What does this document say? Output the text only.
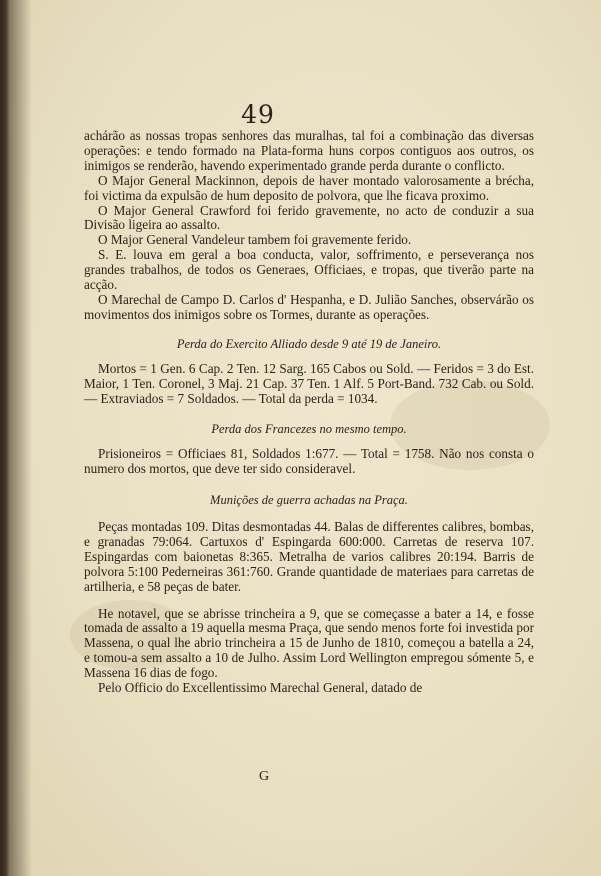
49

achárão as nossas tropas senhores das muralhas, tal foi a combinação das diversas operações: e tendo formado na Plata-forma huns corpos contiguos aos outros, os inimigos se renderão, havendo experimentado grande perda durante o conflicto.

O Major General Mackinnon, depois de haver montado valorosamente a brécha, foi victima da expulsão de hum deposito de polvora, que lhe ficava proximo.

O Major General Crawford foi ferido gravemente, no acto de conduzir a sua Divisão ligeira ao assalto.

O Major General Vandeleur tambem foi gravemente ferido.

S. E. louva em geral a boa conducta, valor, soffrimento, e perseverança nos grandes trabalhos, de todos os Generaes, Officiaes, e tropas, que tiverão parte na acção.

O Marechal de Campo D. Carlos d' Hespanha, e D. Julião Sanches, observárão os movimentos dos inimigos sobre os Tormes, durante as operações.

Perda do Exercito Alliado desde 9 até 19 de Janeiro.

Mortos = 1 Gen. 6 Cap. 2 Ten. 12 Sarg. 165 Cabos ou Sold. — Feridos = 3 do Est. Maior, 1 Ten. Coronel, 3 Maj. 21 Cap. 37 Ten. 1 Alf. 5 Port-Band. 732 Cab. ou Sold. — Extraviados = 7 Soldados. — Total da perda = 1034.

Perda dos Francezes no mesmo tempo.

Prisioneiros = Officiaes 81, Soldados 1:677. — Total = 1758. Não nos consta o numero dos mortos, que deve ter sido consideravel.

Munições de guerra achadas na Praça.

Peças montadas 109. Ditas desmontadas 44. Balas de differentes calibres, bombas, e granadas 79:064. Cartuxos d' Espingarda 600:000. Carretas de reserva 107. Espingardas com baionetas 8:365. Metralha de varios calibres 20:194. Barris de polvora 5:100 Pederneiras 361:760. Grande quantidade de materiaes para carretas de artilheria, e 58 peças de bater.

He notavel, que se abrisse trincheira a 9, que se começasse a bater a 14, e fosse tomada de assalto a 19 aquella mesma Praça, que sendo menos forte foi investida por Massena, o qual lhe abrio trincheira a 15 de Junho de 1810, começou a batella a 24, e tomou-a sem assalto a 10 de Julho. Assim Lord Wellington empregou sómente 5, e Massena 16 dias de fogo.

Pelo Officio do Excellentissimo Marechal General, datado de

G
